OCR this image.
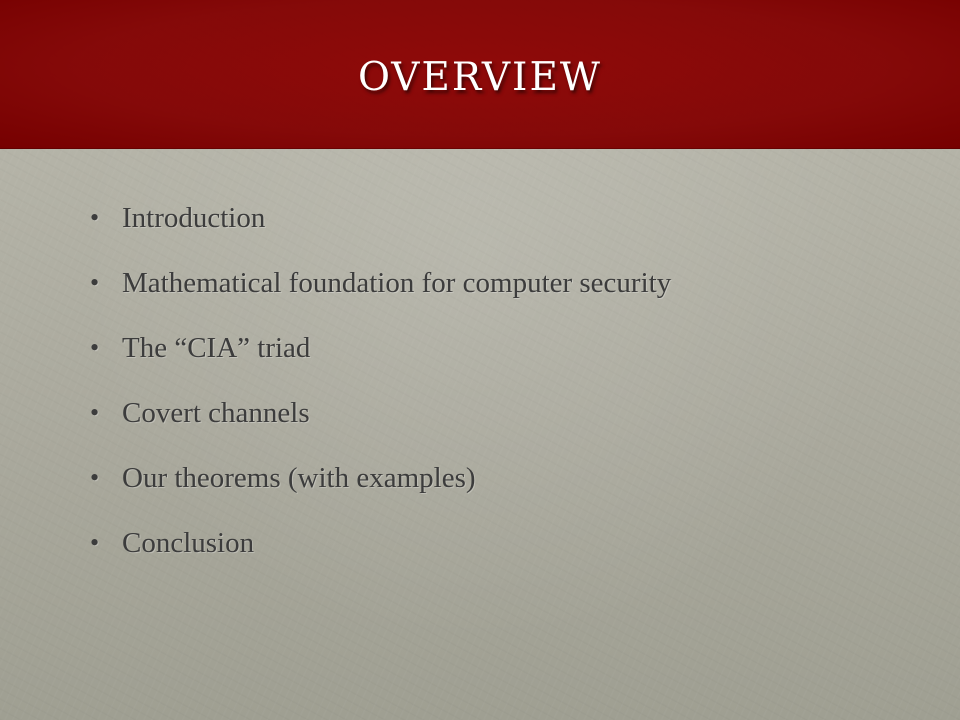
overview
• Introduction
• Mathematical foundation for computer security
• The “CIA” triad
• Covert channels
• Our theorems (with examples)
• Conclusion
